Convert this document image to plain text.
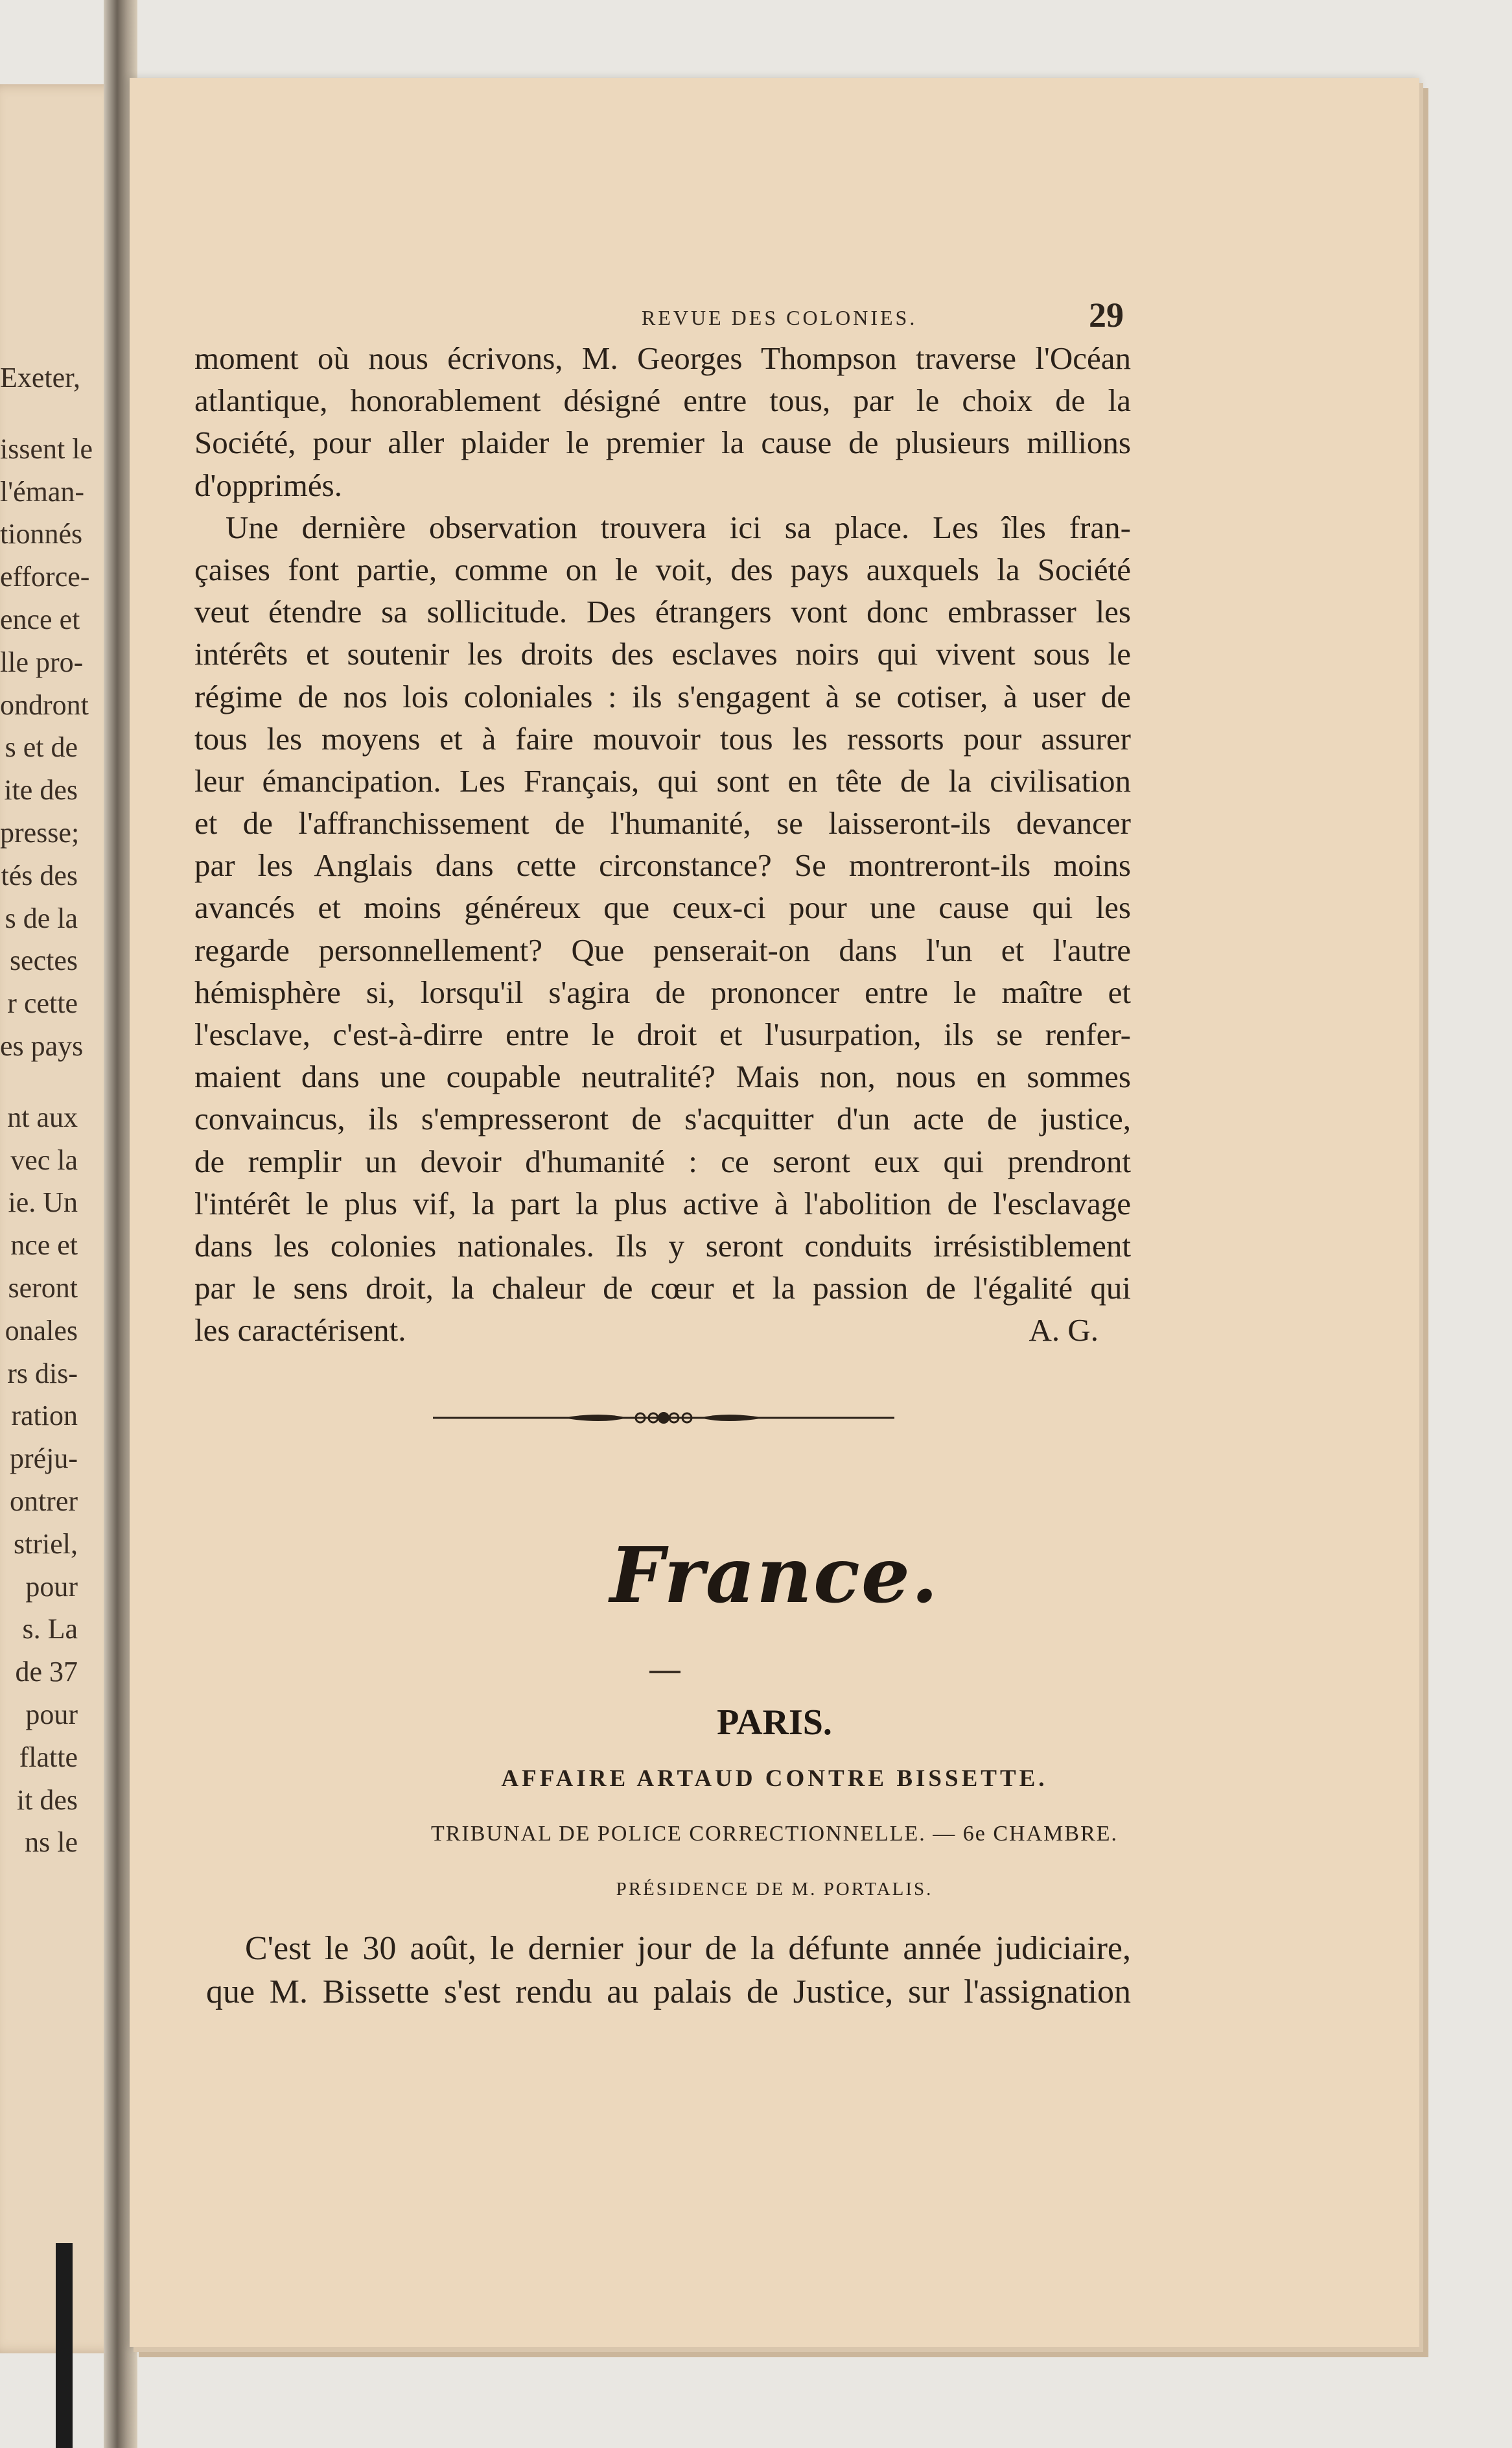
Exeter,
issent le
l'éman-
tionnés
efforce-
ence et
lle pro-
ondront
s et de
ite des
presse;
tés des
s de la
sectes
r cette
es pays
nt aux
vec la
ie. Un
nce et
seront
onales
rs dis-
ration
préju-
ontrer
striel,
pour
s. La
de 37
pour
flatte
it des
ns le
REVUE DES COLONIES.	29
moment où nous écrivons, M. Georges Thompson traverse l'Océan
atlantique, honorablement désigné entre tous, par le choix de la
Société, pour aller plaider le premier la cause de plusieurs millions
d'opprimés.
Une dernière observation trouvera ici sa place. Les îles fran-
çaises font partie, comme on le voit, des pays auxquels la Société
veut étendre sa sollicitude. Des étrangers vont donc embrasser les
intérêts et soutenir les droits des esclaves noirs qui vivent sous le
régime de nos lois coloniales : ils s'engagent à se cotiser, à user de
tous les moyens et à faire mouvoir tous les ressorts pour assurer
leur émancipation. Les Français, qui sont en tête de la civilisation
et de l'affranchissement de l'humanité, se laisseront-ils devancer
par les Anglais dans cette circonstance? Se montreront-ils moins
avancés et moins généreux que ceux-ci pour une cause qui les
regarde personnellement? Que penserait-on dans l'un et l'autre
hémisphère si, lorsqu'il s'agira de prononcer entre le maître et
l'esclave, c'est-à-dirre entre le droit et l'usurpation, ils se renfer-
maient dans une coupable neutralité? Mais non, nous en sommes
convaincus, ils s'empresseront de s'acquitter d'un acte de justice,
de remplir un devoir d'humanité : ce seront eux qui prendront
l'intérêt le plus vif, la part la plus active à l'abolition de l'esclavage
dans les colonies nationales. Ils y seront conduits irrésistiblement
par le sens droit, la chaleur de cœur et la passion de l'égalité qui
les caractérisent.	A. G.
France.
PARIS.
AFFAIRE ARTAUD CONTRE BISSETTE.
TRIBUNAL DE POLICE CORRECTIONNELLE. — 6e CHAMBRE.
PRÉSIDENCE DE M. PORTALIS.
C'est le 30 août, le dernier jour de la défunte année judiciaire,
que M. Bissette s'est rendu au palais de Justice, sur l'assignation
